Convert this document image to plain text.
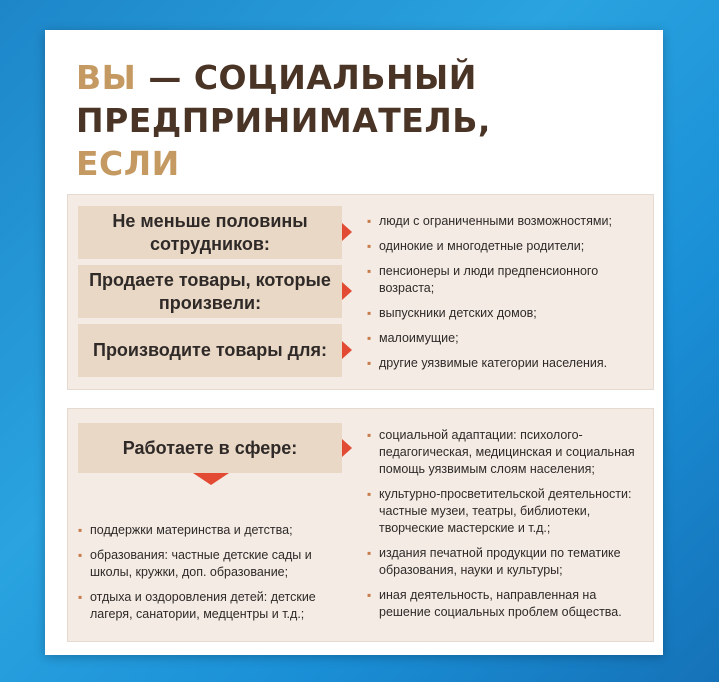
ВЫ — СОЦИАЛЬНЫЙ
ПРЕДПРИНИМАТЕЛЬ,
ЕСЛИ
Не меньше половины сотрудников:
Продаете товары, которые произвели:
Производите товары для:
▪ люди с ограниченными возможностями;
▪ одинокие и многодетные родители;
▪ пенсионеры и люди предпенсионного возраста;
▪ выпускники детских домов;
▪ малоимущие;
▪ другие уязвимые категории населения.
Работаете в сфере:
▪ поддержки материнства и детства;
▪ образования: частные детские сады и школы, кружки, доп. образование;
▪ отдыха и оздоровления детей: детские лагеря, санатории, медцентры и т.д.;
▪ социальной адаптации: психолого-педагогическая, медицинская и социальная помощь уязвимым слоям населения;
▪ культурно-просветительской деятельности: частные музеи, театры, библиотеки, творческие мастерские и т.д.;
▪ издания печатной продукции по тематике образования, науки и культуры;
▪ иная деятельность, направленная на решение социальных проблем общества.
